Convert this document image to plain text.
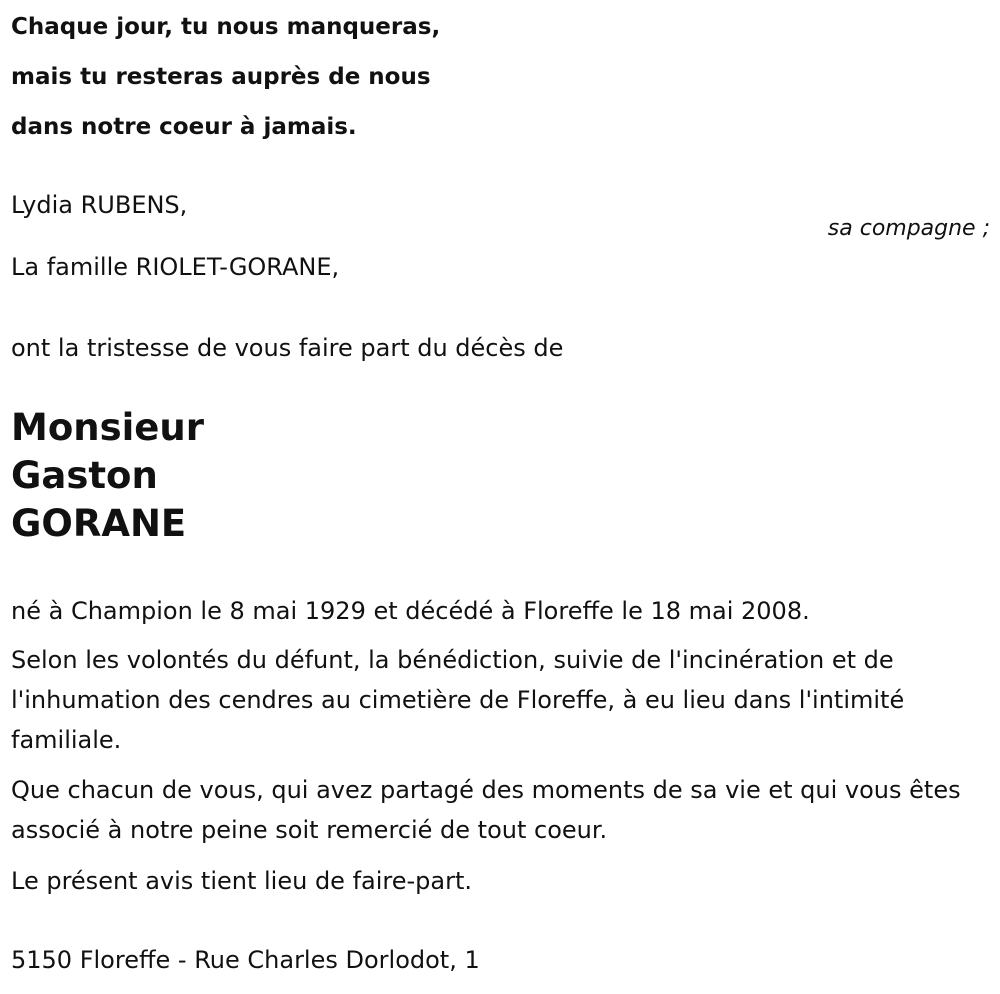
Chaque jour, tu nous manqueras,
mais tu resteras auprès de nous
dans notre coeur à jamais.
Lydia RUBENS,
sa compagne ;
La famille RIOLET-GORANE,
ont la tristesse de vous faire part du décès de
Monsieur
Gaston
GORANE
né à Champion le 8 mai 1929 et décédé à Floreffe le 18 mai 2008.
Selon les volontés du défunt, la bénédiction, suivie de l'incinération et de l'inhumation des cendres au cimetière de Floreffe, à eu lieu dans l'intimité familiale.
Que chacun de vous, qui avez partagé des moments de sa vie et qui vous êtes associé à notre peine soit remercié de tout coeur.
Le présent avis tient lieu de faire-part.
5150 Floreffe - Rue Charles Dorlodot, 1
